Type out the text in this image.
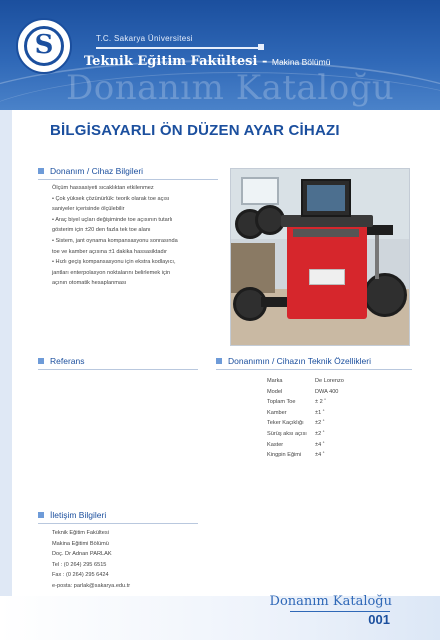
Donanım Kataloğu
S	T.C. Sakarya Üniversitesi
Teknik Eğitim Fakültesi - Makina Bölümü
BİLGİSAYARLI ÖN DÜZEN AYAR CİHAZI
Donanım / Cihaz Bilgileri
Ölçüm hassasiyeti sıcaklıktan etkilenmez
• Çok yüksek çözünürlük: teorik olarak toe açısı
saniyeler içerisinde ölçülebilir
• Araç biyel uçları değişiminde toe açısının tutarlı
gösterim için ±20 den fazla tek toe alanı
• Sistem, jant oynama kompansasyonu sonrasında
toe ve kamber açısına ±1 dakika hassasiktadır
• Hızlı geçiş kompansasyonu için ekstra kodlayıcı,
jantları enterpolasyon noktalarını belirlemek için
açının otomatik hesaplanması
Referans	Donanımın / Cihazın Teknik Özellikleri
Marka	De Lorenzo
Model	DWA 400
Toplam Toe	± 2 ˚
Kamber	±1 ˚
Teker Kaçıklığı	±2 ˚
Sürüş aksı açısı	±2 ˚
Kaster	±4 ˚
Kingpin Eğimi	±4 ˚
İletişim Bilgileri
Teknik Eğitim Fakültesi
Makina Eğitimi Bölümü
Doç. Dr Adnan PARLAK
Tel : (0 264) 295 6515
Fax : (0 264) 295 6424
e-posta: parlak@sakarya.edu.tr
Donanım Kataloğu
001
